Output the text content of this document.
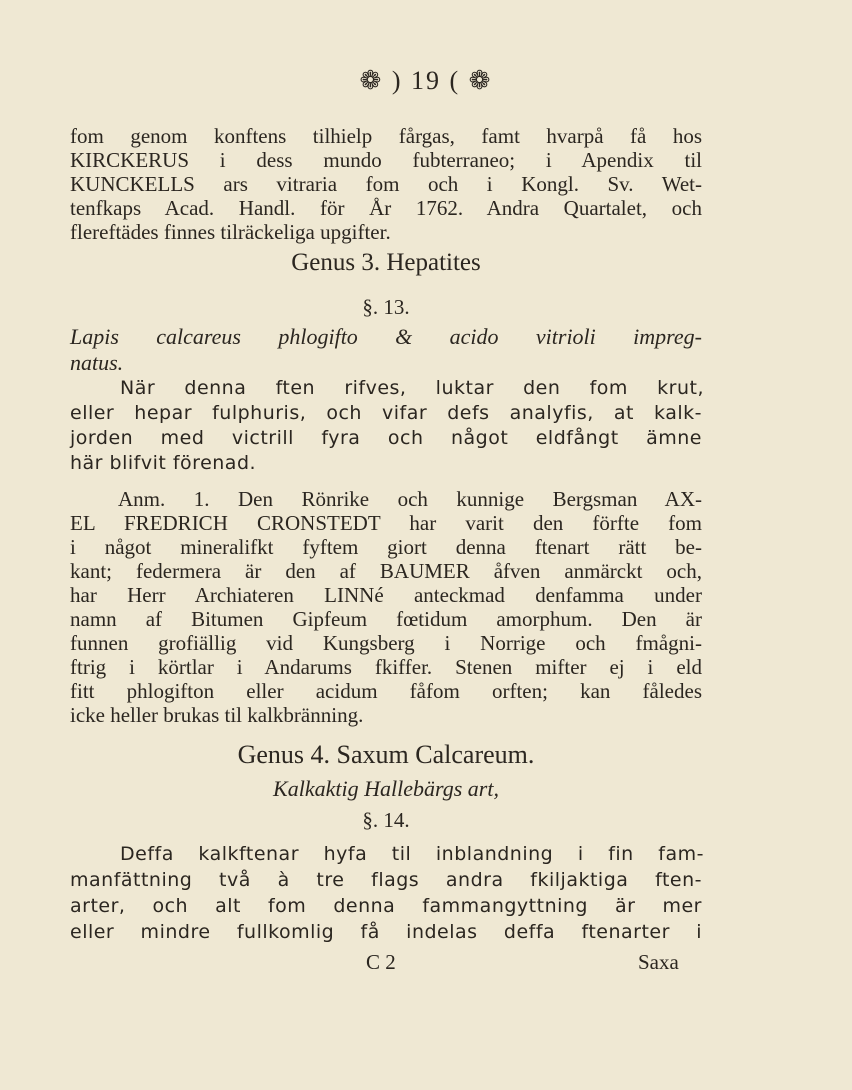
❁ ) 19 ( ❁
fom genom konftens tilhielp fårgas, famt hvarpå få hos
KIRCKERUS i dess mundo fubterraneo; i Apendix til
KUNCKELLS ars vitraria fom och i Kongl. Sv. Wet-
tenfkaps Acad. Handl. för År 1762. Andra Quartalet, och
flereftädes finnes tilräckeliga upgifter.
Genus 3. Hepatites
§. 13.
Lapis calcareus phlogifto & acido vitrioli impreg-
natus.
När denna ften rifves, luktar den fom krut,
eller hepar fulphuris, och vifar defs analyfis, at kalk-
jorden med victrill fyra och något eldfångt ämne
här blifvit förenad.
Anm. 1. Den Rönrike och kunnige Bergsman AX-
EL FREDRICH CRONSTEDT har varit den förfte fom
i något mineralifkt fyftem giort denna ftenart rätt be-
kant; federmera är den af BAUMER åfven anmärckt och,
har Herr Archiateren LINNé anteckmad denfamma under
namn af Bitumen Gipfeum fœtidum amorphum. Den är
funnen grofiällig vid Kungsberg i Norrige och fmågni-
ftrig i körtlar i Andarums fkiffer. Stenen mifter ej i eld
fitt phlogifton eller acidum fåfom orften; kan fåledes
icke heller brukas til kalkbränning.
Genus 4. Saxum Calcareum.
Kalkaktig Hallebärgs art,
§. 14.
Deffa kalkftenar hyfa til inblandning i fin fam-
manfättning två à tre flags andra fkiljaktiga ften-
arter, och alt fom denna fammangyttning är mer
eller mindre fullkomlig få indelas deffa ftenarter i
C 2	Saxa
